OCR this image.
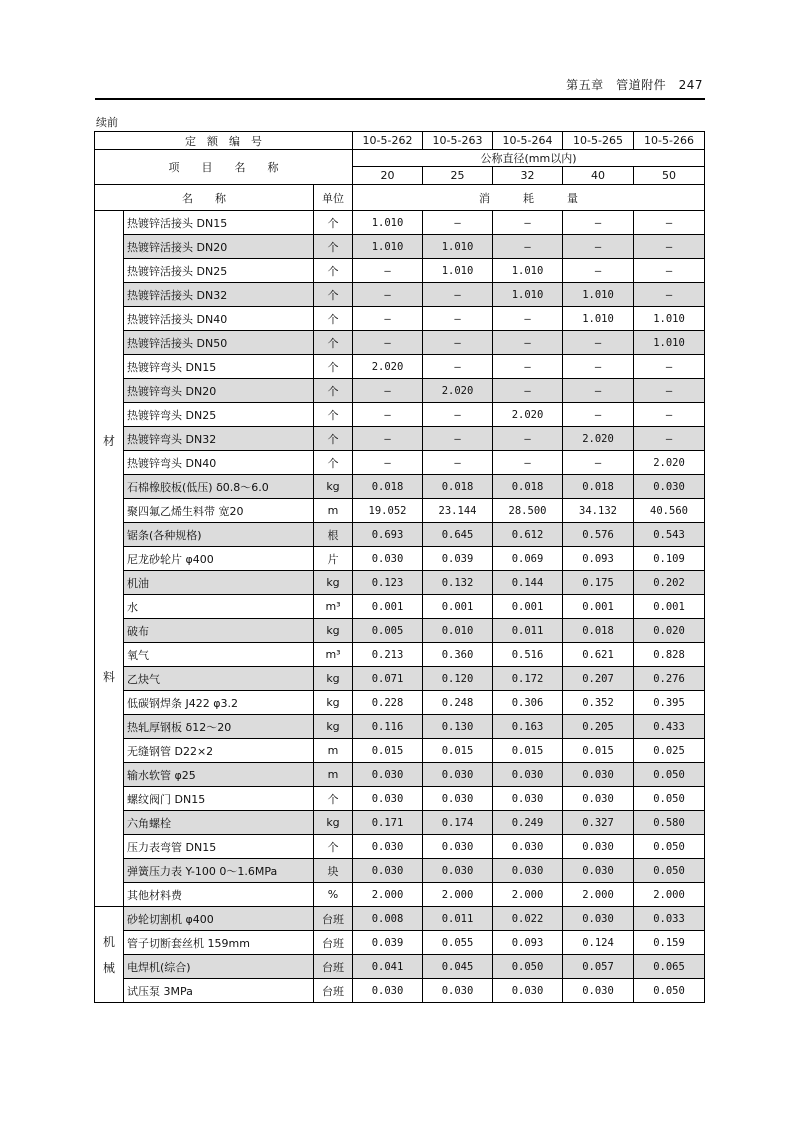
第五章　管道附件　247
续前
定　额　编　号			10-5-262	10-5-263	10-5-264	10-5-265	10-5-266
项　　目　　名　　称			公称直径(mm以内)				
			20	25	32	40	50
名　　称		单位	消　　　耗　　　量				

材
料	热镀锌活接头 DN15	个	1.010	—	—	—	—
	热镀锌活接头 DN20	个	1.010	1.010	—	—	—
	热镀锌活接头 DN25	个	—	1.010	1.010	—	—
	热镀锌活接头 DN32	个	—	—	1.010	1.010	—
	热镀锌活接头 DN40	个	—	—	—	1.010	1.010
	热镀锌活接头 DN50	个	—	—	—	—	1.010
	热镀锌弯头 DN15	个	2.020	—	—	—	—
	热镀锌弯头 DN20	个	—	2.020	—	—	—
	热镀锌弯头 DN25	个	—	—	2.020	—	—
	热镀锌弯头 DN32	个	—	—	—	2.020	—
	热镀锌弯头 DN40	个	—	—	—	—	2.020
	石棉橡胶板(低压) δ0.8～6.0	kg	0.018	0.018	0.018	0.018	0.030
	聚四氟乙烯生料带 宽20	m	19.052	23.144	28.500	34.132	40.560
	锯条(各种规格)	根	0.693	0.645	0.612	0.576	0.543
	尼龙砂轮片 φ400	片	0.030	0.039	0.069	0.093	0.109
	机油	kg	0.123	0.132	0.144	0.175	0.202
	水	m³	0.001	0.001	0.001	0.001	0.001
	破布	kg	0.005	0.010	0.011	0.018	0.020
	氧气	m³	0.213	0.360	0.516	0.621	0.828
	乙炔气	kg	0.071	0.120	0.172	0.207	0.276
	低碳钢焊条 J422 φ3.2	kg	0.228	0.248	0.306	0.352	0.395
	热轧厚钢板 δ12～20	kg	0.116	0.130	0.163	0.205	0.433
	无缝钢管 D22×2	m	0.015	0.015	0.015	0.015	0.025
	输水软管 φ25	m	0.030	0.030	0.030	0.030	0.050
	螺纹阀门 DN15	个	0.030	0.030	0.030	0.030	0.050
	六角螺栓	kg	0.171	0.174	0.249	0.327	0.580
	压力表弯管 DN15	个	0.030	0.030	0.030	0.030	0.050
	弹簧压力表 Y-100 0～1.6MPa	块	0.030	0.030	0.030	0.030	0.050
	其他材料费	%	2.000	2.000	2.000	2.000	2.000

机
械	砂轮切割机 φ400	台班	0.008	0.011	0.022	0.030	0.033
	管子切断套丝机 159mm	台班	0.039	0.055	0.093	0.124	0.159
	电焊机(综合)	台班	0.041	0.045	0.050	0.057	0.065
	试压泵 3MPa	台班	0.030	0.030	0.030	0.030	0.050
